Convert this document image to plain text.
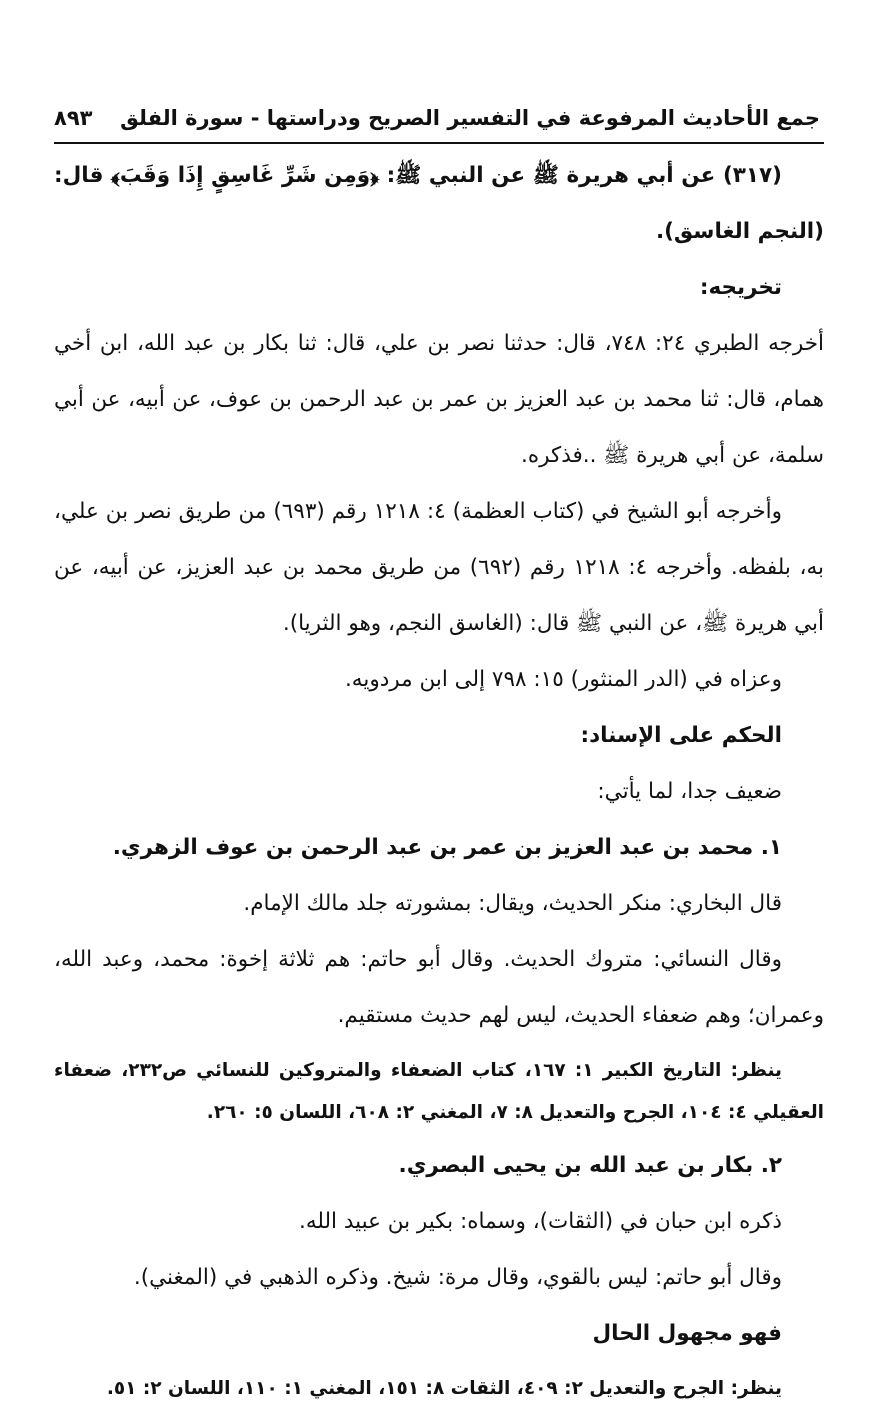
جمع الأحاديث المرفوعة في التفسير الصريح ودراستها - سورة الفلق
٨٩٣

(٣١٧) عن أبي هريرة ﷺ عن النبي ﷺ: ﴿وَمِن شَرِّ غَاسِقٍ إِذَا وَقَبَ﴾ قال: (النجم الغاسق).

تخريجه:

أخرجه الطبري ٢٤: ٧٤٨، قال: حدثنا نصر بن علي، قال: ثنا بكار بن عبد الله، ابن أخي همام، قال: ثنا محمد بن عبد العزيز بن عمر بن عبد الرحمن بن عوف، عن أبيه، عن أبي سلمة، عن أبي هريرة ﷺ ..فذكره.

وأخرجه أبو الشيخ في (كتاب العظمة) ٤: ١٢١٨ رقم (٦٩٣) من طريق نصر بن علي، به، بلفظه. وأخرجه ٤: ١٢١٨ رقم (٦٩٢) من طريق محمد بن عبد العزيز، عن أبيه، عن أبي هريرة ﷺ، عن النبي ﷺ قال: (الغاسق النجم، وهو الثريا).

وعزاه في (الدر المنثور) ١٥: ٧٩٨ إلى ابن مردويه.

الحكم على الإسناد:

ضعيف جدا، لما يأتي:

١. محمد بن عبد العزيز بن عمر بن عبد الرحمن بن عوف الزهري.

قال البخاري: منكر الحديث، ويقال: بمشورته جلد مالك الإمام.

وقال النسائي: متروك الحديث. وقال أبو حاتم: هم ثلاثة إخوة: محمد، وعبد الله، وعمران؛ وهم ضعفاء الحديث، ليس لهم حديث مستقيم.

ينظر: التاريخ الكبير ١: ١٦٧، كتاب الضعفاء والمتروكين للنسائي ص٢٣٢، ضعفاء العقيلي ٤: ١٠٤، الجرح والتعديل ٨: ٧، المغني ٢: ٦٠٨، اللسان ٥: ٢٦٠.

٢. بكار بن عبد الله بن يحيى البصري.

ذكره ابن حبان في (الثقات)، وسماه: بكير بن عبيد الله.

وقال أبو حاتم: ليس بالقوي، وقال مرة: شيخ. وذكره الذهبي في (المغني).

فهو مجهول الحال

ينظر: الجرح والتعديل ٢: ٤٠٩، الثقات ٨: ١٥١، المغني ١: ١١٠، اللسان ٢: ٥١.
